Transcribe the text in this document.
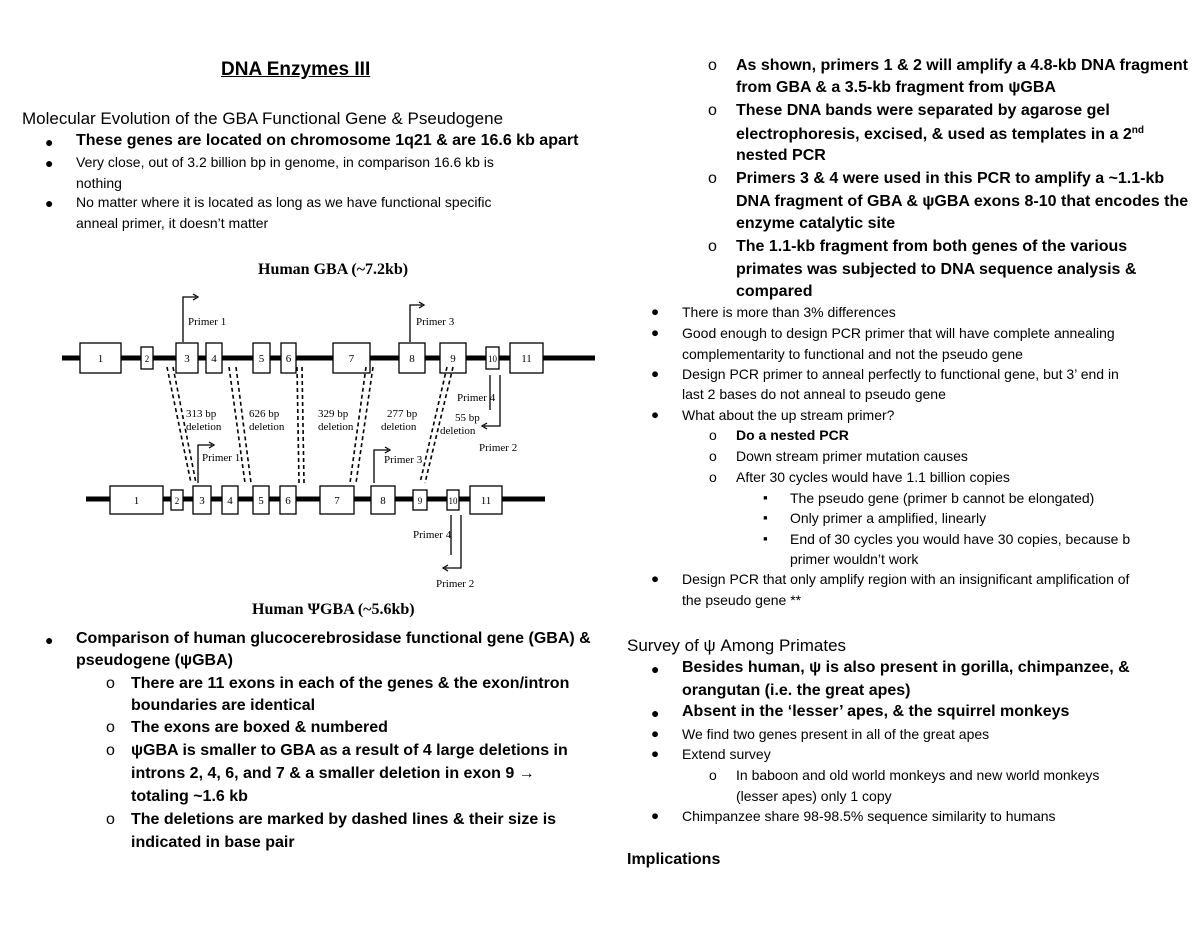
DNA Enzymes III
Molecular Evolution of the GBA Functional Gene & Pseudogene
● These genes are located on chromosome 1q21 & are 16.6 kb apart
● Very close, out of 3.2 billion bp in genome, in comparison 16.6 kb is
nothing
● No matter where it is located as long as we have functional specific
anneal primer, it doesn’t matter
Human GBA (~7.2kb)
1	2	3 4	5 6	7	8	9	10 11
Primer 1	Primer 3
Primer 4
Primer 2
313 bp
deletion
626 bp
deletion
329 bp
deletion
277 bp
deletion
55 bp
deletion
1	2 3 4 5 6	7	8	9	10 11
Primer 1	Primer 3
Primer 4
Primer 2
Human ΨGBA (~5.6kb)
● Comparison of human glucocerebrosidase functional gene (GBA) &
pseudogene (ψGBA)
o There are 11 exons in each of the genes & the exon/intron
boundaries are identical
o The exons are boxed & numbered
o ψGBA is smaller to GBA as a result of 4 large deletions in
introns 2, 4, 6, and 7 & a smaller deletion in exon 9 →
totaling ~1.6 kb
o The deletions are marked by dashed lines & their size is
indicated in base pair
o As shown, primers 1 & 2 will amplify a 4.8-kb DNA fragment
from GBA & a 3.5-kb fragment from ψGBA
o These DNA bands were separated by agarose gel
electrophoresis, excised, & used as templates in a 2nd
nested PCR
o Primers 3 & 4 were used in this PCR to amplify a ~1.1-kb
DNA fragment of GBA & ψGBA exons 8-10 that encodes the
enzyme catalytic site
o The 1.1-kb fragment from both genes of the various
primates was subjected to DNA sequence analysis &
compared
● There is more than 3% differences
● Good enough to design PCR primer that will have complete annealing
complementarity to functional and not the pseudo gene
● Design PCR primer to anneal perfectly to functional gene, but 3’ end in
last 2 bases do not anneal to pseudo gene
● What about the up stream primer?
o Do a nested PCR
o Down stream primer mutation causes
o After 30 cycles would have 1.1 billion copies
▪ The pseudo gene (primer b cannot be elongated)
▪ Only primer a amplified, linearly
▪ End of 30 cycles you would have 30 copies, because b
primer wouldn’t work
● Design PCR that only amplify region with an insignificant amplification of
the pseudo gene **
Survey of ψ Among Primates
● Besides human, ψ is also present in gorilla, chimpanzee, &
orangutan (i.e. the great apes)
● Absent in the ‘lesser’ apes, & the squirrel monkeys
● We find two genes present in all of the great apes
● Extend survey
o In baboon and old world monkeys and new world monkeys
(lesser apes) only 1 copy
● Chimpanzee share 98-98.5% sequence similarity to humans
Implications
